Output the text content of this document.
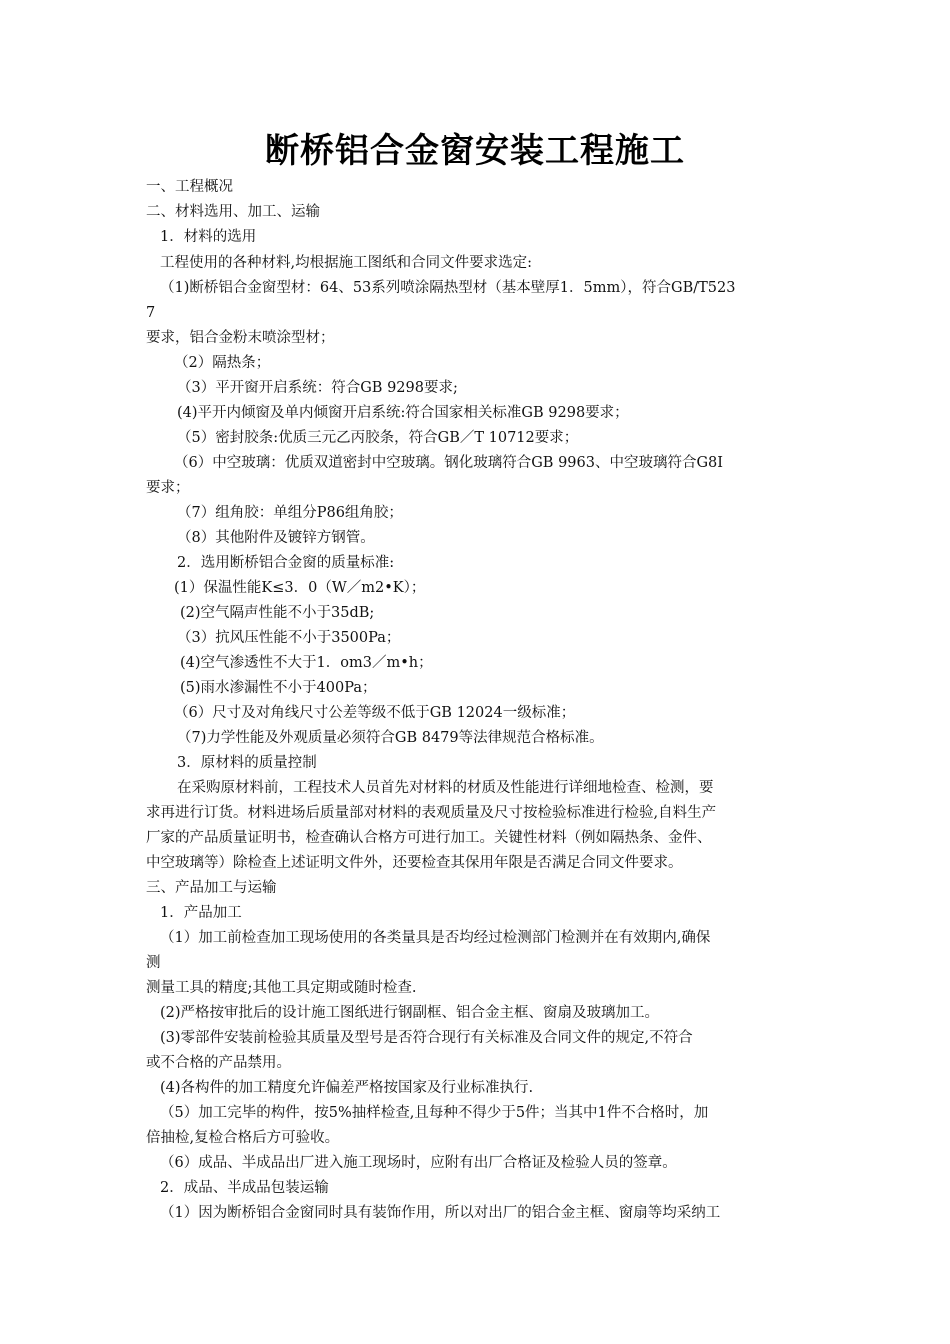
断桥铝合金窗安装工程施工

一、工程概况

二、材料选用、加工、运输

1．材料的选用

工程使用的各种材料,均根据施工图纸和合同文件要求选定:

（1)断桥铝合金窗型材：64、53系列喷涂隔热型材（基本壁厚1．5mm），符合GB/T523

7

要求，铝合金粉末喷涂型材；

（2）隔热条；

（3）平开窗开启系统：符合GB 9298要求;

(4)平开内倾窗及单内倾窗开启系统:符合国家相关标准GB 9298要求；

（5）密封胶条:优质三元乙丙胶条，符合GB／T 10712要求；

（6）中空玻璃：优质双道密封中空玻璃。钢化玻璃符合GB 9963、中空玻璃符合G8I

要求；

（7）组角胶：单组分P86组角胶；

（8）其他附件及镀锌方钢管。

2．选用断桥铝合金窗的质量标准:

(1）保温性能K≤3．0（W／m2•K）；

(2)空气隔声性能不小于35dB;

（3）抗风压性能不小于3500Pa；

(4)空气渗透性不大于1．om3／m•h；

(5)雨水渗漏性不小于400Pa；

（6）尺寸及对角线尺寸公差等级不低于GB 12024一级标准；

（7)力学性能及外观质量必须符合GB 8479等法律规范合格标准。

3．原材料的质量控制

在采购原材料前，工程技术人员首先对材料的材质及性能进行详细地检查、检测，要

求再进行订货。材料进场后质量部对材料的表观质量及尺寸按检验标准进行检验,自料生产

厂家的产品质量证明书，检查确认合格方可进行加工。关键性材料（例如隔热条、金件、

中空玻璃等）除检查上述证明文件外，还要检查其保用年限是否满足合同文件要求。

三、产品加工与运输

1．产品加工

（1）加工前检查加工现场使用的各类量具是否均经过检测部门检测并在有效期内,确保

测

测量工具的精度;其他工具定期或随时检查.

(2)严格按审批后的设计施工图纸进行钢副框、铝合金主框、窗扇及玻璃加工。

(3)零部件安装前检验其质量及型号是否符合现行有关标准及合同文件的规定,不符合

或不合格的产品禁用。

(4)各构件的加工精度允许偏差严格按国家及行业标准执行.

（5）加工完毕的构件，按5%抽样检查,且每种不得少于5件；当其中1件不合格时，加

倍抽检,复检合格后方可验收。

（6）成品、半成品出厂进入施工现场时，应附有出厂合格证及检验人员的签章。

2．成品、半成品包装运输

（1）因为断桥铝合金窗同时具有装饰作用，所以对出厂的铝合金主框、窗扇等均采纳工
